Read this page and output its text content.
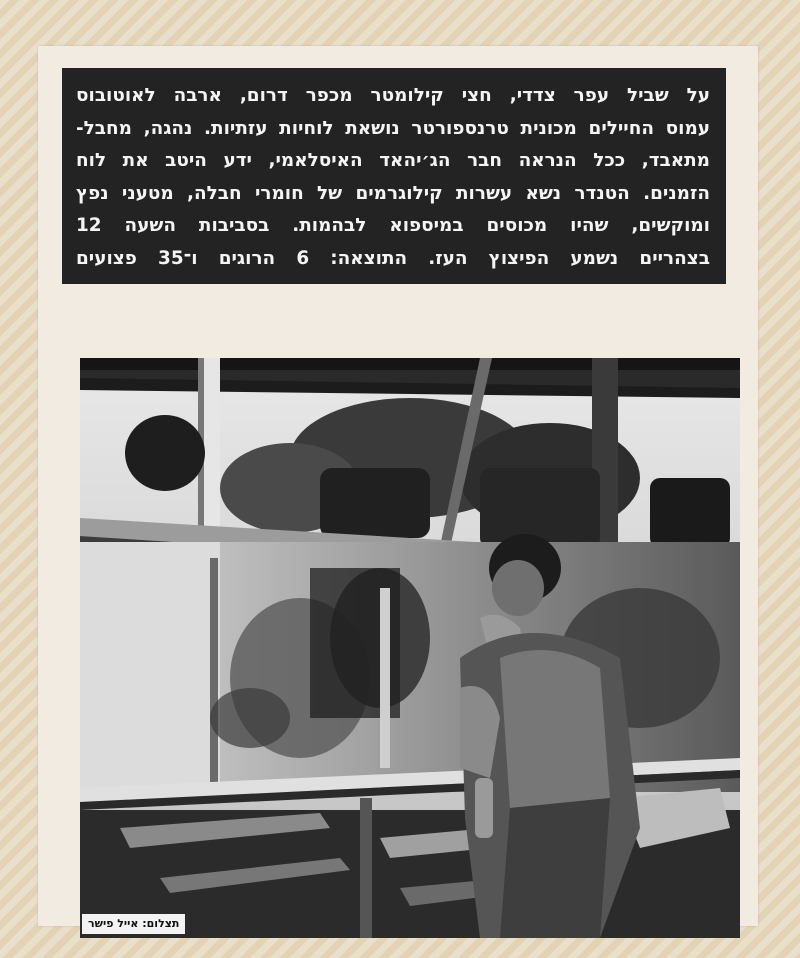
על שביל עפר צדדי, חצי קילומטר מכפר דרום, ארבה לאוטובוס
עמוס החיילים מכונית טרנספורטר נושאת לוחיות עזתיות. נהגה, מחבל-
מתאבד, ככל הנראה חבר הג׳יהאד האיסלאמי, ידע היטב את לוח
הזמנים. הטנדר נשא עשרות קילוגרמים של חומרי חבלה, מטעני נפץ
ומוקשים, שהיו מכוסים במיספוא לבהמות. בסביבות השעה 12
בצהריים נשמע הפיצוץ העז. התוצאה: 6 הרוגים ו־35 פצועים
תצלום: אייל פישר
